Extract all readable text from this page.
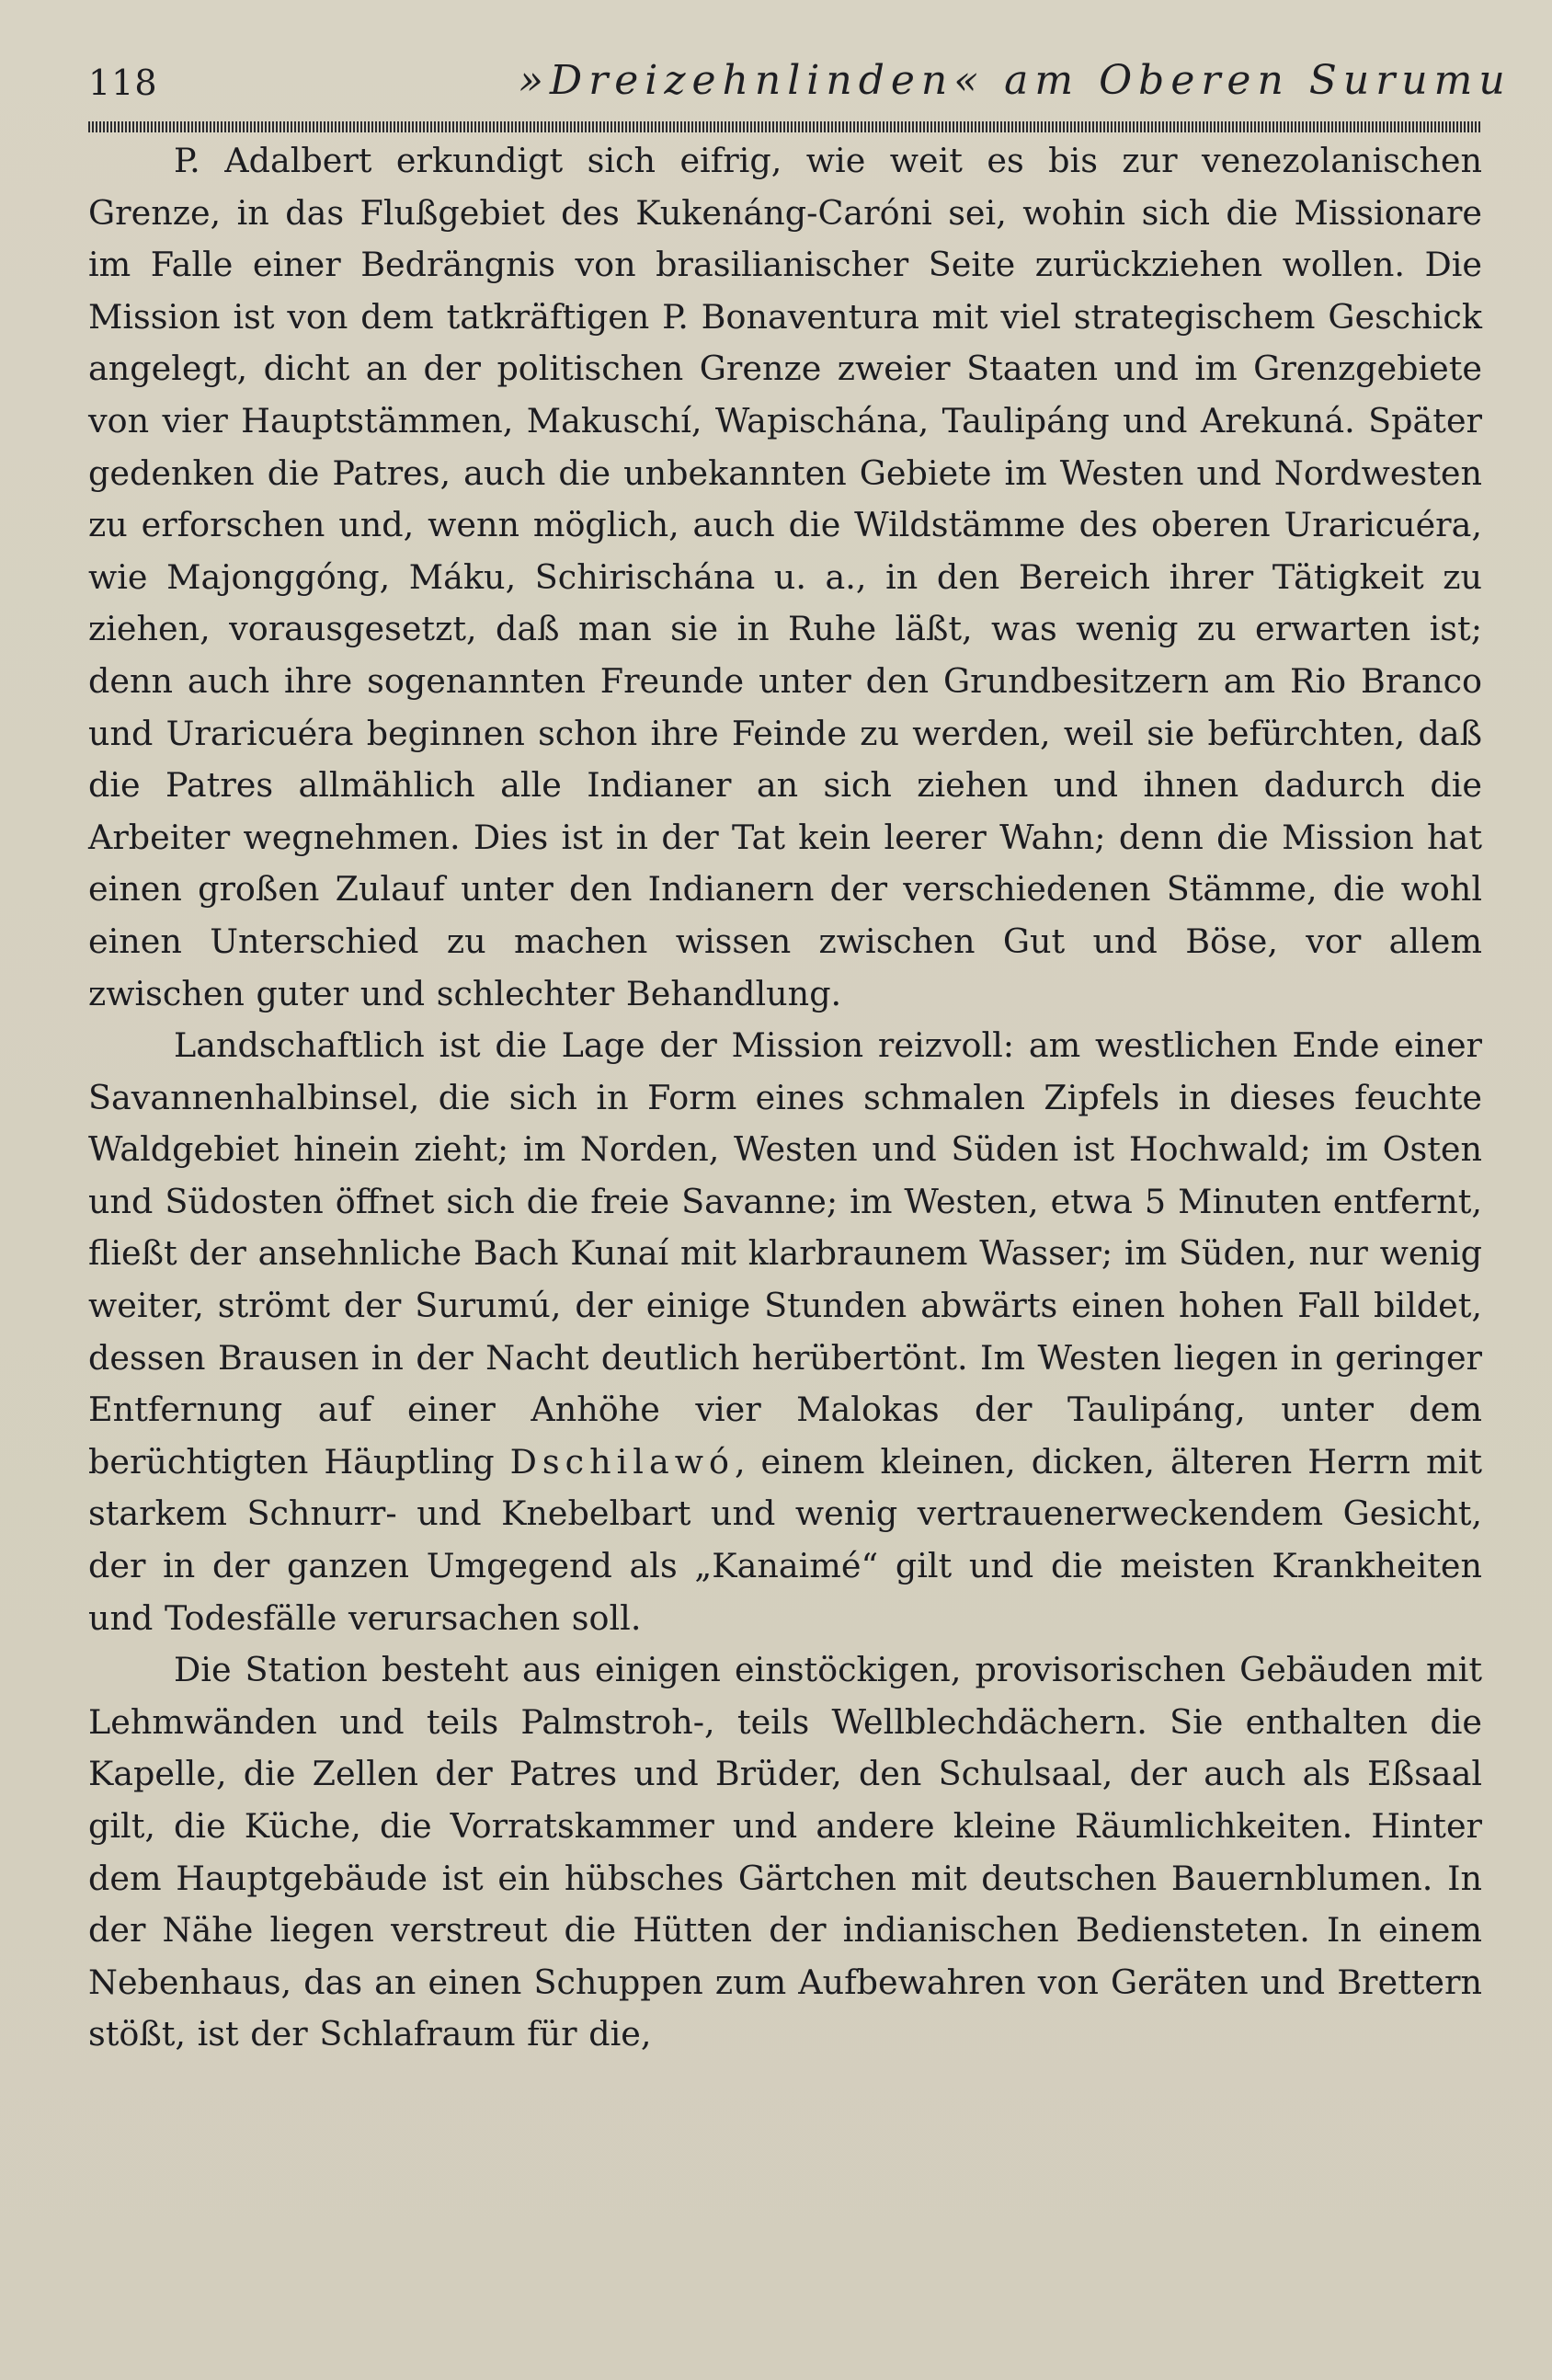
118	»Dreizehnlinden« am Oberen Surumu

P. Adalbert erkundigt sich eifrig, wie weit es bis zur venezolanischen Grenze, in das Flußgebiet des Kukenáng-Caróni sei, wohin sich die Missionare im Falle einer Bedrängnis von brasilianischer Seite zurückziehen wollen. Die Mission ist von dem tatkräftigen P. Bonaventura mit viel strategischem Geschick angelegt, dicht an der politischen Grenze zweier Staaten und im Grenzgebiete von vier Hauptstämmen, Makuschí, Wapischána, Taulipáng und Arekuná. Später gedenken die Patres, auch die unbekannten Gebiete im Westen und Nordwesten zu erforschen und, wenn möglich, auch die Wildstämme des oberen Uraricuéra, wie Majonggóng, Máku, Schirischána u. a., in den Bereich ihrer Tätigkeit zu ziehen, vorausgesetzt, daß man sie in Ruhe läßt, was wenig zu erwarten ist; denn auch ihre sogenannten Freunde unter den Grundbesitzern am Rio Branco und Uraricuéra beginnen schon ihre Feinde zu werden, weil sie befürchten, daß die Patres allmählich alle Indianer an sich ziehen und ihnen dadurch die Arbeiter wegnehmen. Dies ist in der Tat kein leerer Wahn; denn die Mission hat einen großen Zulauf unter den Indianern der verschiedenen Stämme, die wohl einen Unterschied zu machen wissen zwischen Gut und Böse, vor allem zwischen guter und schlechter Behandlung.

Landschaftlich ist die Lage der Mission reizvoll: am westlichen Ende einer Savannenhalbinsel, die sich in Form eines schmalen Zipfels in dieses feuchte Waldgebiet hinein zieht; im Norden, Westen und Süden ist Hochwald; im Osten und Südosten öffnet sich die freie Savanne; im Westen, etwa 5 Minuten entfernt, fließt der ansehnliche Bach Kunaí mit klarbraunem Wasser; im Süden, nur wenig weiter, strömt der Surumú, der einige Stunden abwärts einen hohen Fall bildet, dessen Brausen in der Nacht deutlich herübertönt. Im Westen liegen in geringer Entfernung auf einer Anhöhe vier Malokas der Taulipáng, unter dem berüchtigten Häuptling Dschilawó, einem kleinen, dicken, älteren Herrn mit starkem Schnurr- und Knebelbart und wenig vertrauenerweckendem Gesicht, der in der ganzen Umgegend als „Kanaimé“ gilt und die meisten Krankheiten und Todesfälle verursachen soll.

Die Station besteht aus einigen einstöckigen, provisorischen Gebäuden mit Lehmwänden und teils Palmstroh-, teils Wellblechdächern. Sie enthalten die Kapelle, die Zellen der Patres und Brüder, den Schulsaal, der auch als Eßsaal gilt, die Küche, die Vorratskammer und andere kleine Räumlichkeiten. Hinter dem Hauptgebäude ist ein hübsches Gärtchen mit deutschen Bauernblumen. In der Nähe liegen verstreut die Hütten der indianischen Bediensteten. In einem Nebenhaus, das an einen Schuppen zum Aufbewahren von Geräten und Brettern stößt, ist der Schlafraum für die,
